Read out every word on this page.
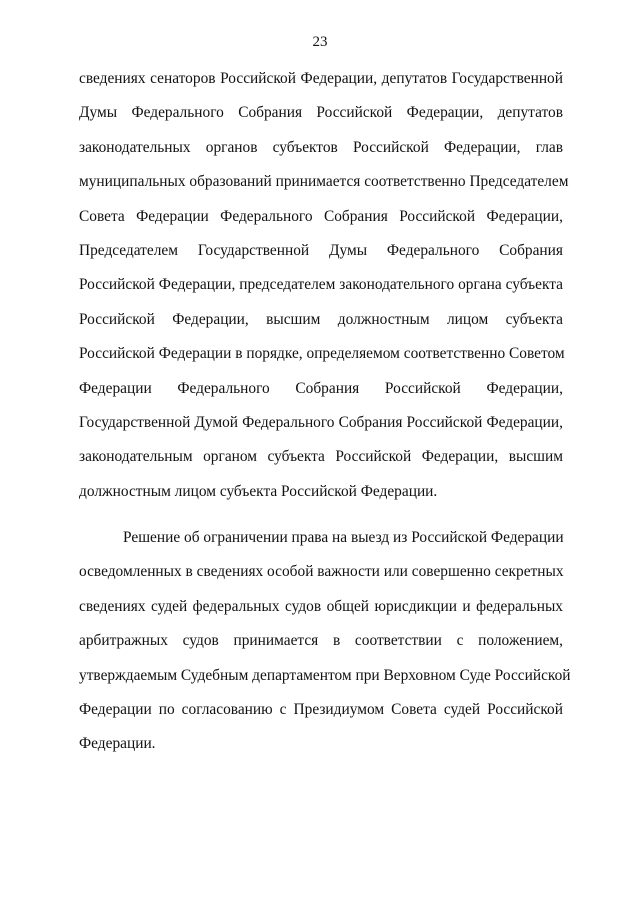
23
сведениях сенаторов Российской Федерации, депутатов Государственной
Думы Федерального Собрания Российской Федерации, депутатов
законодательных органов субъектов Российской Федерации, глав
муниципальных образований принимается соответственно Председателем
Совета Федерации Федерального Собрания Российской Федерации,
Председателем Государственной Думы Федерального Собрания
Российской Федерации, председателем законодательного органа субъекта
Российской Федерации, высшим должностным лицом субъекта
Российской Федерации в порядке, определяемом соответственно Советом
Федерации Федерального Собрания Российской Федерации,
Государственной Думой Федерального Собрания Российской Федерации,
законодательным органом субъекта Российской Федерации, высшим
должностным лицом субъекта Российской Федерации.
Решение об ограничении права на выезд из Российской Федерации
осведомленных в сведениях особой важности или совершенно секретных
сведениях судей федеральных судов общей юрисдикции и федеральных
арбитражных судов принимается в соответствии с положением,
утверждаемым Судебным департаментом при Верховном Суде Российской
Федерации по согласованию с Президиумом Совета судей Российской
Федерации.
